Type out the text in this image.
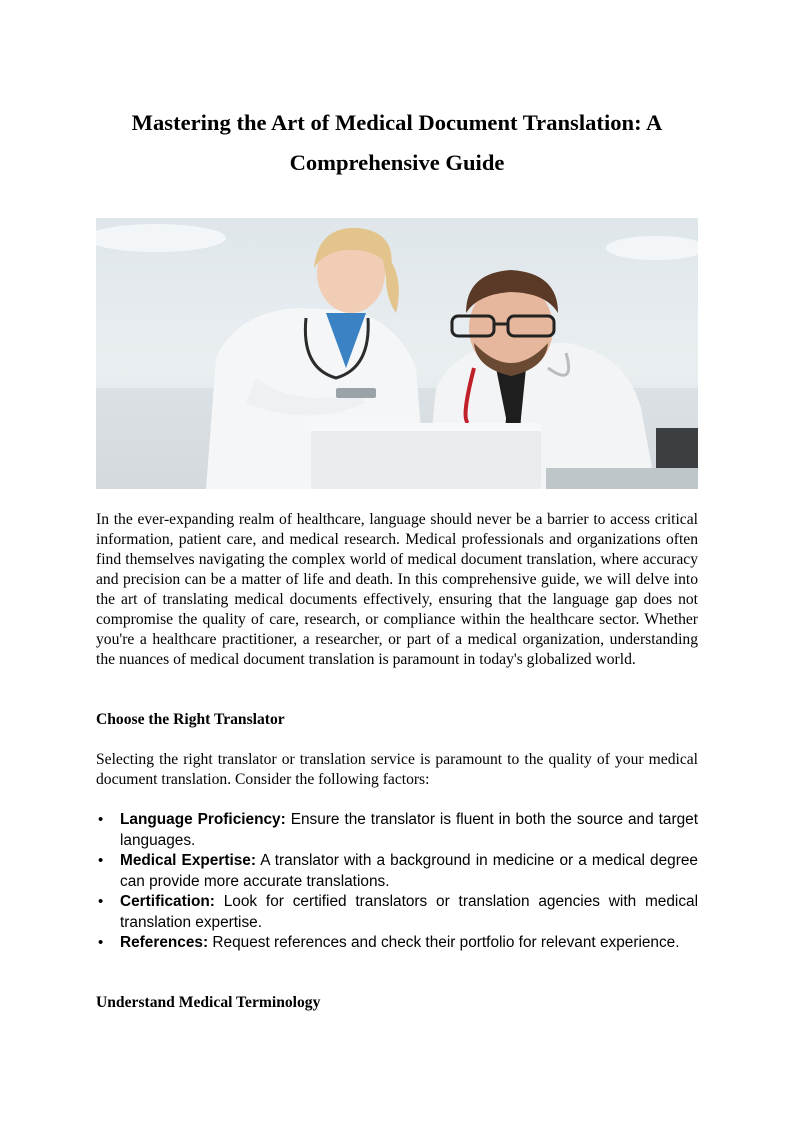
Mastering the Art of Medical Document Translation: A Comprehensive Guide

In the ever-expanding realm of healthcare, language should never be a barrier to access critical information, patient care, and medical research. Medical professionals and organizations often find themselves navigating the complex world of medical document translation, where accuracy and precision can be a matter of life and death. In this comprehensive guide, we will delve into the art of translating medical documents effectively, ensuring that the language gap does not compromise the quality of care, research, or compliance within the healthcare sector. Whether you're a healthcare practitioner, a researcher, or part of a medical organization, understanding the nuances of medical document translation is paramount in today's globalized world.

Choose the Right Translator

Selecting the right translator or translation service is paramount to the quality of your medical document translation. Consider the following factors:

• Language Proficiency: Ensure the translator is fluent in both the source and target languages.
• Medical Expertise: A translator with a background in medicine or a medical degree can provide more accurate translations.
• Certification: Look for certified translators or translation agencies with medical translation expertise.
• References: Request references and check their portfolio for relevant experience.
Understand Medical Terminology
